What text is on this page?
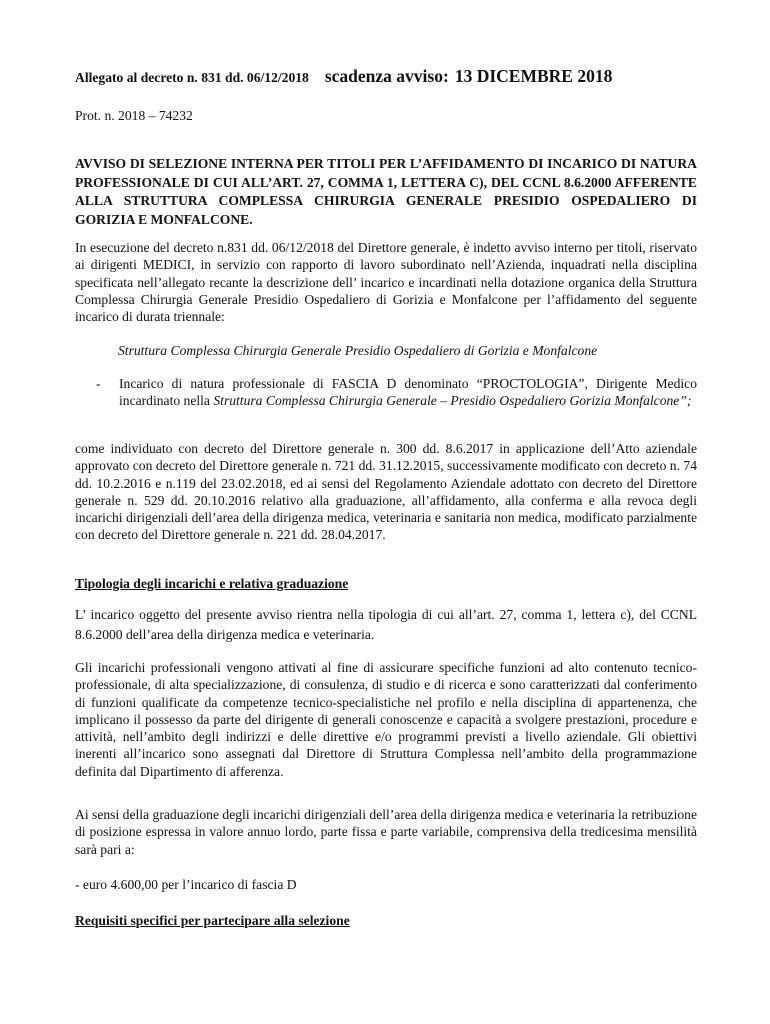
Allegato al decreto n. 831 dd. 06/12/2018 scadenza avviso: 13 DICEMBRE 2018

Prot. n. 2018 – 74232

AVVISO DI SELEZIONE INTERNA PER TITOLI PER L’AFFIDAMENTO DI INCARICO DI NATURA PROFESSIONALE DI CUI ALL’ART. 27, COMMA 1, LETTERA C), DEL CCNL 8.6.2000 AFFERENTE ALLA STRUTTURA COMPLESSA CHIRURGIA GENERALE PRESIDIO OSPEDALIERO DI GORIZIA E MONFALCONE.

In esecuzione del decreto n.831 dd. 06/12/2018 del Direttore generale, è indetto avviso interno per titoli, riservato ai dirigenti MEDICI, in servizio con rapporto di lavoro subordinato nell’Azienda, inquadrati nella disciplina specificata nell’allegato recante la descrizione dell’ incarico e incardinati nella dotazione organica della Struttura Complessa Chirurgia Generale Presidio Ospedaliero di Gorizia e Monfalcone per l’affidamento del seguente incarico di durata triennale:

Struttura Complessa Chirurgia Generale Presidio Ospedaliero di Gorizia e Monfalcone

- Incarico di natura professionale di FASCIA D denominato “PROCTOLOGIA”, Dirigente Medico incardinato nella Struttura Complessa Chirurgia Generale – Presidio Ospedaliero Gorizia Monfalcone”;

come individuato con decreto del Direttore generale n. 300 dd. 8.6.2017 in applicazione dell’Atto aziendale approvato con decreto del Direttore generale n. 721 dd. 31.12.2015, successivamente modificato con decreto n. 74 dd. 10.2.2016 e n.119 del 23.02.2018, ed ai sensi del Regolamento Aziendale adottato con decreto del Direttore generale n. 529 dd. 20.10.2016 relativo alla graduazione, all’affidamento, alla conferma e alla revoca degli incarichi dirigenziali dell’area della dirigenza medica, veterinaria e sanitaria non medica, modificato parzialmente con decreto del Direttore generale n. 221 dd. 28.04.2017.

Tipologia degli incarichi e relativa graduazione

L’ incarico oggetto del presente avviso rientra nella tipologia di cui all’art. 27, comma 1, lettera c), del CCNL 8.6.2000 dell’area della dirigenza medica e veterinaria.

Gli incarichi professionali vengono attivati al fine di assicurare specifiche funzioni ad alto contenuto tecnico-professionale, di alta specializzazione, di consulenza, di studio e di ricerca e sono caratterizzati dal conferimento di funzioni qualificate da competenze tecnico-specialistiche nel profilo e nella disciplina di appartenenza, che implicano il possesso da parte del dirigente di generali conoscenze e capacità a svolgere prestazioni, procedure e attività, nell’ambito degli indirizzi e delle direttive e/o programmi previsti a livello aziendale. Gli obiettivi inerenti all’incarico sono assegnati dal Direttore di Struttura Complessa nell’ambito della programmazione definita dal Dipartimento di afferenza.

Ai sensi della graduazione degli incarichi dirigenziali dell’area della dirigenza medica e veterinaria la retribuzione di posizione espressa in valore annuo lordo, parte fissa e parte variabile, comprensiva della tredicesima mensilità sarà pari a:

- euro 4.600,00 per l’incarico di fascia D

Requisiti specifici per partecipare alla selezione
